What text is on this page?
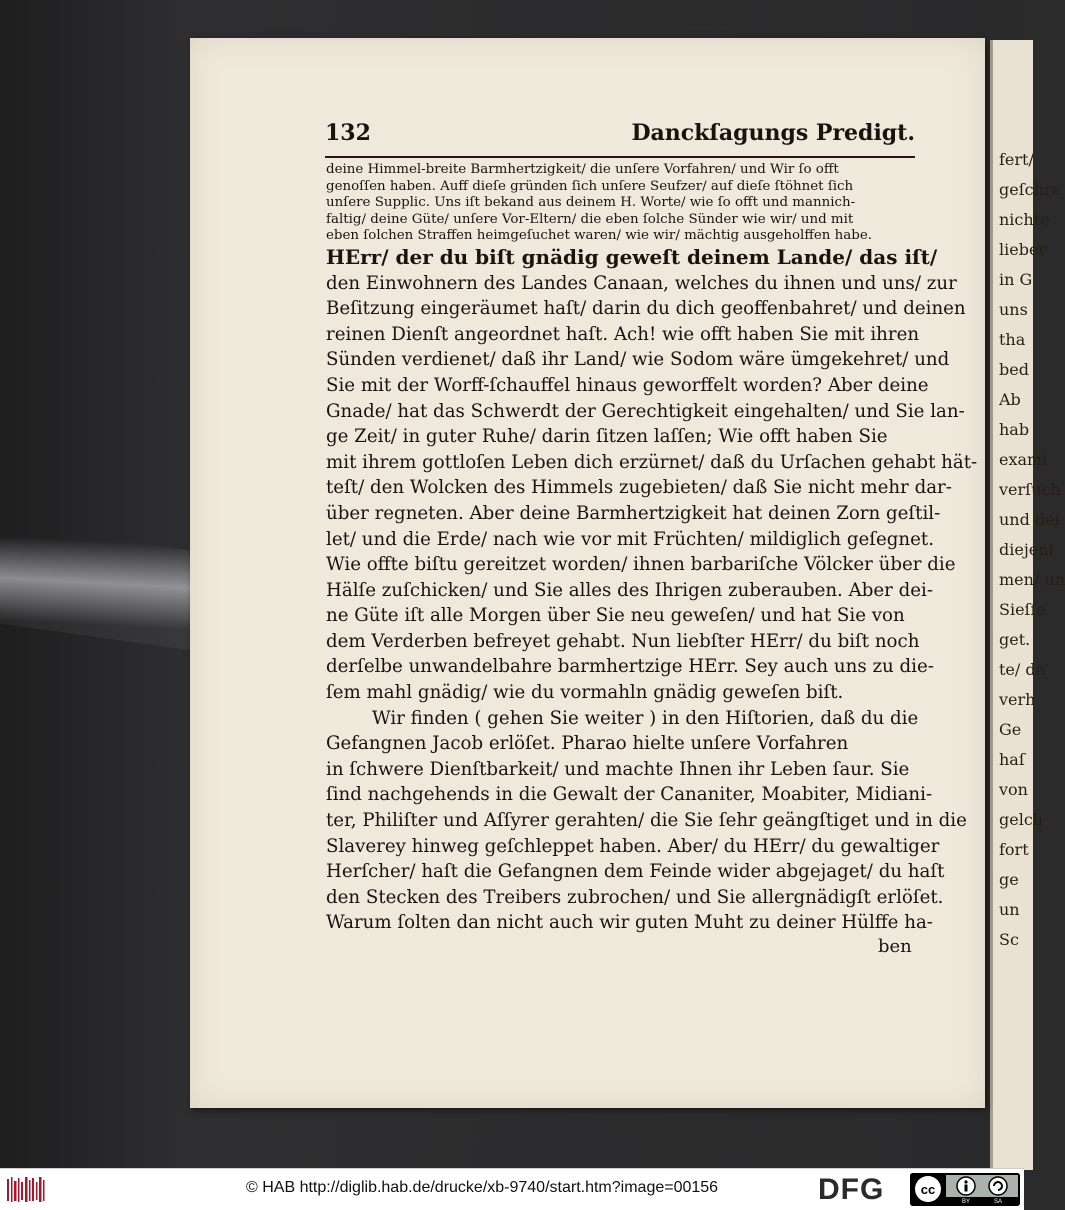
fert/
geſchre
nichte
lieber
in G
uns
tha
bed
Ab
hab
exami
verſuch
und dei
diejeni
men/ un
Sieſſe
get.
te/ de
verh
Ge
haſ
von
gelch
fort
ge
un
Sc
132	Danckſagungs Predigt.
deine Himmel-breite Barmhertzigkeit/ die unſere Vorfahren/ und Wir ſo offt
genoſſen haben. Auff dieſe gründen ſich unſere Seufzer/ auf dieſe ſtöhnet ſich
unſere Supplic. Uns iſt bekand aus deinem H. Worte/ wie ſo offt und mannich-
faltig/ deine Güte/ unſere Vor-Eltern/ die eben ſolche Sünder wie wir/ und mit
eben ſolchen Straffen heimgeſuchet waren/ wie wir/ mächtig ausgeholffen habe.
HErr/ der du biſt gnädig geweſt deinem Lande/ das iſt/
den Einwohnern des Landes Canaan, welches du ihnen und uns/ zur
Beſitzung eingeräumet haſt/ darin du dich geoffenbahret/ und deinen
reinen Dienſt angeordnet haſt. Ach! wie offt haben Sie mit ihren
Sünden verdienet/ daß ihr Land/ wie Sodom wäre ümgekehret/ und
Sie mit der Worff-ſchauffel hinaus geworffelt worden? Aber deine
Gnade/ hat das Schwerdt der Gerechtigkeit eingehalten/ und Sie lan-
ge Zeit/ in guter Ruhe/ darin ſitzen laſſen; Wie offt haben Sie
mit ihrem gottloſen Leben dich erzürnet/ daß du Urſachen gehabt hät-
teſt/ den Wolcken des Himmels zugebieten/ daß Sie nicht mehr dar-
über regneten. Aber deine Barmhertzigkeit hat deinen Zorn geſtil-
let/ und die Erde/ nach wie vor mit Früchten/ mildiglich geſegnet.
Wie offte biſtu gereitzet worden/ ihnen barbariſche Völcker über die
Hälſe zuſchicken/ und Sie alles des Ihrigen zuberauben. Aber dei-
ne Güte iſt alle Morgen über Sie neu geweſen/ und hat Sie von
dem Verderben befreyet gehabt. Nun liebſter HErr/ du biſt noch
derſelbe unwandelbahre barmhertzige HErr. Sey auch uns zu die-
ſem mahl gnädig/ wie du vormahln gnädig geweſen biſt.
Wir finden ( gehen Sie weiter ) in den Hiſtorien, daß du die
Gefangnen Jacob erlöſet. Pharao hielte unſere Vorfahren
in ſchwere Dienſtbarkeit/ und machte Ihnen ihr Leben ſaur. Sie
ſind nachgehends in die Gewalt der Cananiter, Moabiter, Midiani-
ter, Philiſter und Aſſyrer gerahten/ die Sie ſehr geängſtiget und in die
Slaverey hinweg geſchleppet haben. Aber/ du HErr/ du gewaltiger
Herſcher/ haſt die Gefangnen dem Feinde wider abgejaget/ du haſt
den Stecken des Treibers zubrochen/ und Sie allergnädigſt erlöſet.
Warum ſolten dan nicht auch wir guten Muht zu deiner Hülffe ha-
ben
© HAB http://diglib.hab.de/drucke/xb-9740/start.htm?image=00156	DFG	cc
BY	SA
